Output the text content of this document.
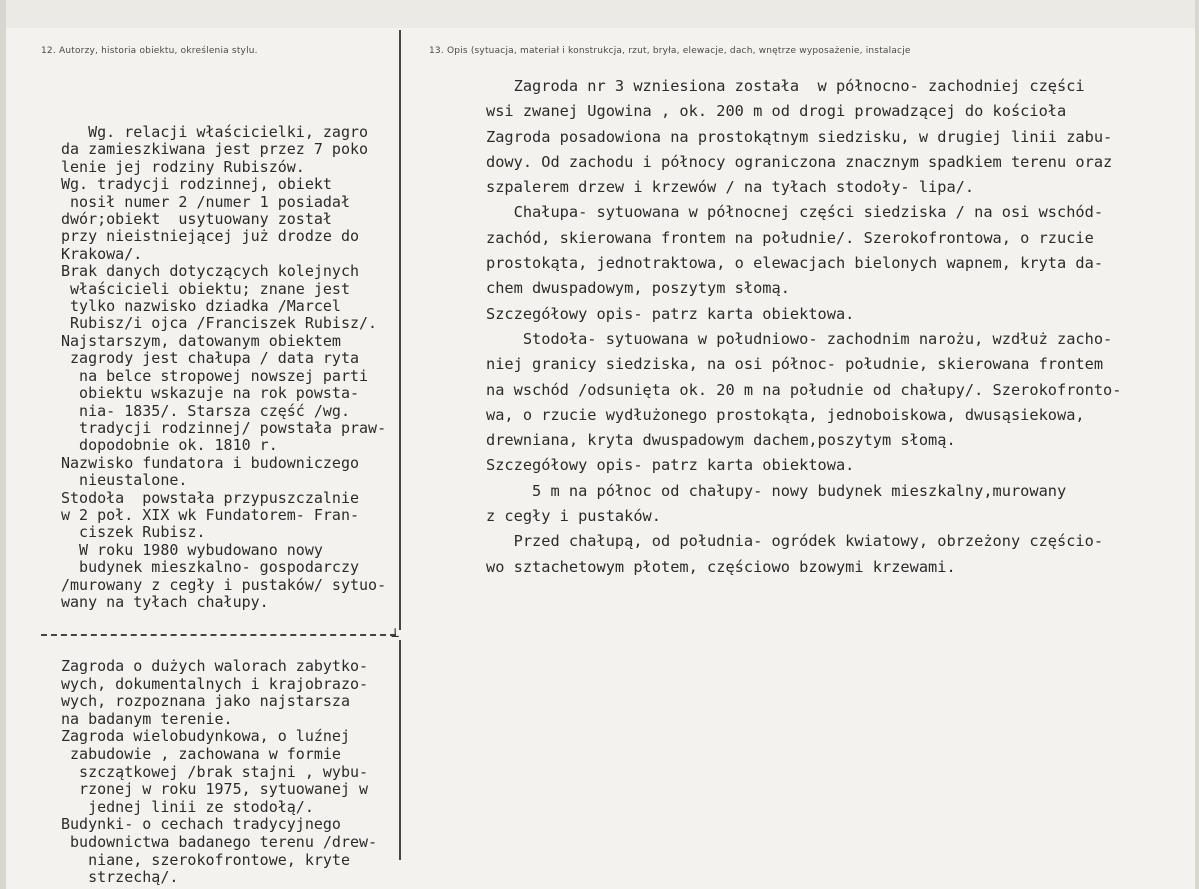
12. Autorzy, historia obiektu, określenia stylu.	13. Opis (sytuacja, materiał i konstrukcja, rzut, bryła, elewacje, dach, wnętrze wyposażenie, instalacje
⊥
Wg. relacji właścicielki, zagro
da zamieszkiwana jest przez 7 poko
lenie jej rodziny Rubiszów.
Wg. tradycji rodzinnej, obiekt
nosił numer 2 /numer 1 posiadał
dwór;obiekt  usytuowany został
przy nieistniejącej już drodze do
Krakowa/.
Brak danych dotyczących kolejnych
właścicieli obiektu; znane jest
tylko nazwisko dziadka /Marcel
Rubisz/i ojca /Franciszek Rubisz/.
Najstarszym, datowanym obiektem
zagrody jest chałupa / data ryta
na belce stropowej nowszej parti
obiektu wskazuje na rok powsta-
nia- 1835/. Starsza część /wg.
tradycji rodzinnej/ powstała praw-
dopodobnie ok. 1810 r.
Nazwisko fundatora i budowniczego
nieustalone.
Stodoła  powstała przypuszczalnie
w 2 poł. XIX wk Fundatorem- Fran-
ciszek Rubisz.
W roku 1980 wybudowano nowy
budynek mieszkalno- gospodarczy
/murowany z cegły i pustaków/ sytuo-
wany na tyłach chałupy.
Zagroda o dużych walorach zabytko-
wych, dokumentalnych i krajobrazo-
wych, rozpoznana jako najstarsza
na badanym terenie.
Zagroda wielobudynkowa, o luźnej
zabudowie , zachowana w formie
szczątkowej /brak stajni , wybu-
rzonej w roku 1975, sytuowanej w
jednej linii ze stodołą/.
Budynki- o cechach tradycyjnego
budownictwa badanego terenu /drew-
niane, szerokofrontowe, kryte
strzechą/.
Zagroda nr 3 wzniesiona została  w północno- zachodniej części
wsi zwanej Ugowina , ok. 200 m od drogi prowadzącej do kościoła
Zagroda posadowiona na prostokątnym siedzisku, w drugiej linii zabu-
dowy. Od zachodu i północy ograniczona znacznym spadkiem terenu oraz
szpalerem drzew i krzewów / na tyłach stodoły- lipa/.
Chałupa- sytuowana w północnej części siedziska / na osi wschód-
zachód, skierowana frontem na południe/. Szerokofrontowa, o rzucie
prostokąta, jednotraktowa, o elewacjach bielonych wapnem, kryta da-
chem dwuspadowym, poszytym słomą.
Szczegółowy opis- patrz karta obiektowa.
Stodoła- sytuowana w południowo- zachodnim narożu, wzdłuż zacho-
niej granicy siedziska, na osi północ- południe, skierowana frontem
na wschód /odsunięta ok. 20 m na południe od chałupy/. Szerokofronto-
wa, o rzucie wydłużonego prostokąta, jednoboiskowa, dwusąsiekowa,
drewniana, kryta dwuspadowym dachem,poszytym słomą.
Szczegółowy opis- patrz karta obiektowa.
5 m na północ od chałupy- nowy budynek mieszkalny,murowany
z cegły i pustaków.
Przed chałupą, od południa- ogródek kwiatowy, obrzeżony częścio-
wo sztachetowym płotem, częściowo bzowymi krzewami.
